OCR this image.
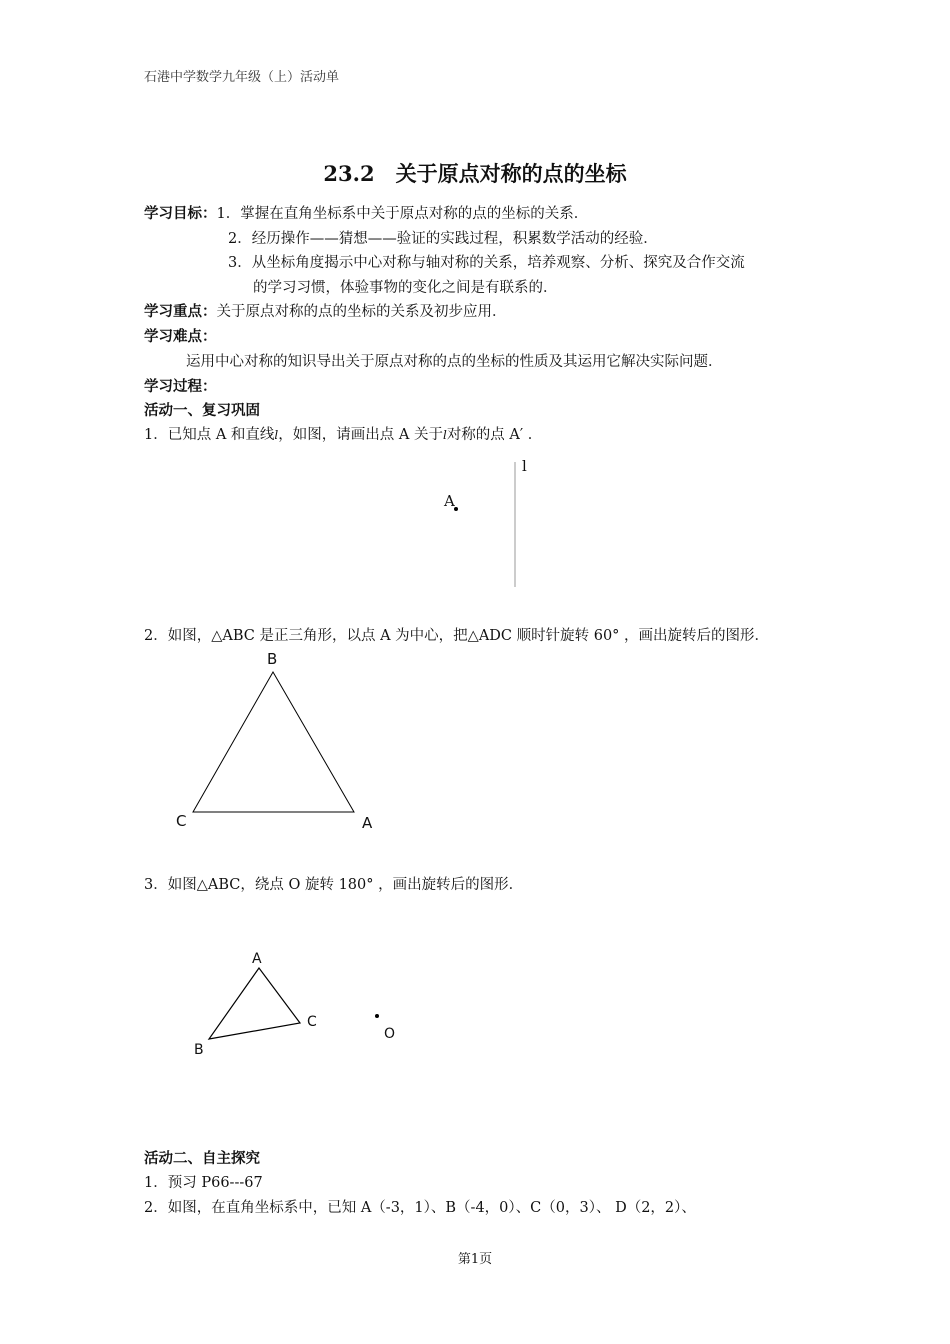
石港中学数学九年级（上）活动单
23.2　关于原点对称的点的坐标
学习目标：1．掌握在直角坐标系中关于原点对称的点的坐标的关系．
2．经历操作——猜想——验证的实践过程，积累数学活动的经验．
3．从坐标角度揭示中心对称与轴对称的关系，培养观察、分析、探究及合作交流
的学习习惯，体验事物的变化之间是有联系的．
学习重点：关于原点对称的点的坐标的关系及初步应用．
学习难点：
运用中心对称的知识导出关于原点对称的点的坐标的性质及其运用它解决实际问题．
学习过程：
活动一、复习巩固
1．已知点 A 和直线l，如图，请画出点 A 关于l对称的点 A′ ．
l
A
2．如图，△ABC 是正三角形，以点 A 为中心，把△ADC 顺时针旋转 60° ，画出旋转后的图形．
B
C	A
3．如图△ABC，绕点 O 旋转 180° ，画出旋转后的图形．
A
B
C
O
活动二、自主探究
1．预习 P66---67
2．如图，在直角坐标系中，已知 A（-3，1）、B（-4，0）、C（0，3）、 D（2，2）、
第1页
